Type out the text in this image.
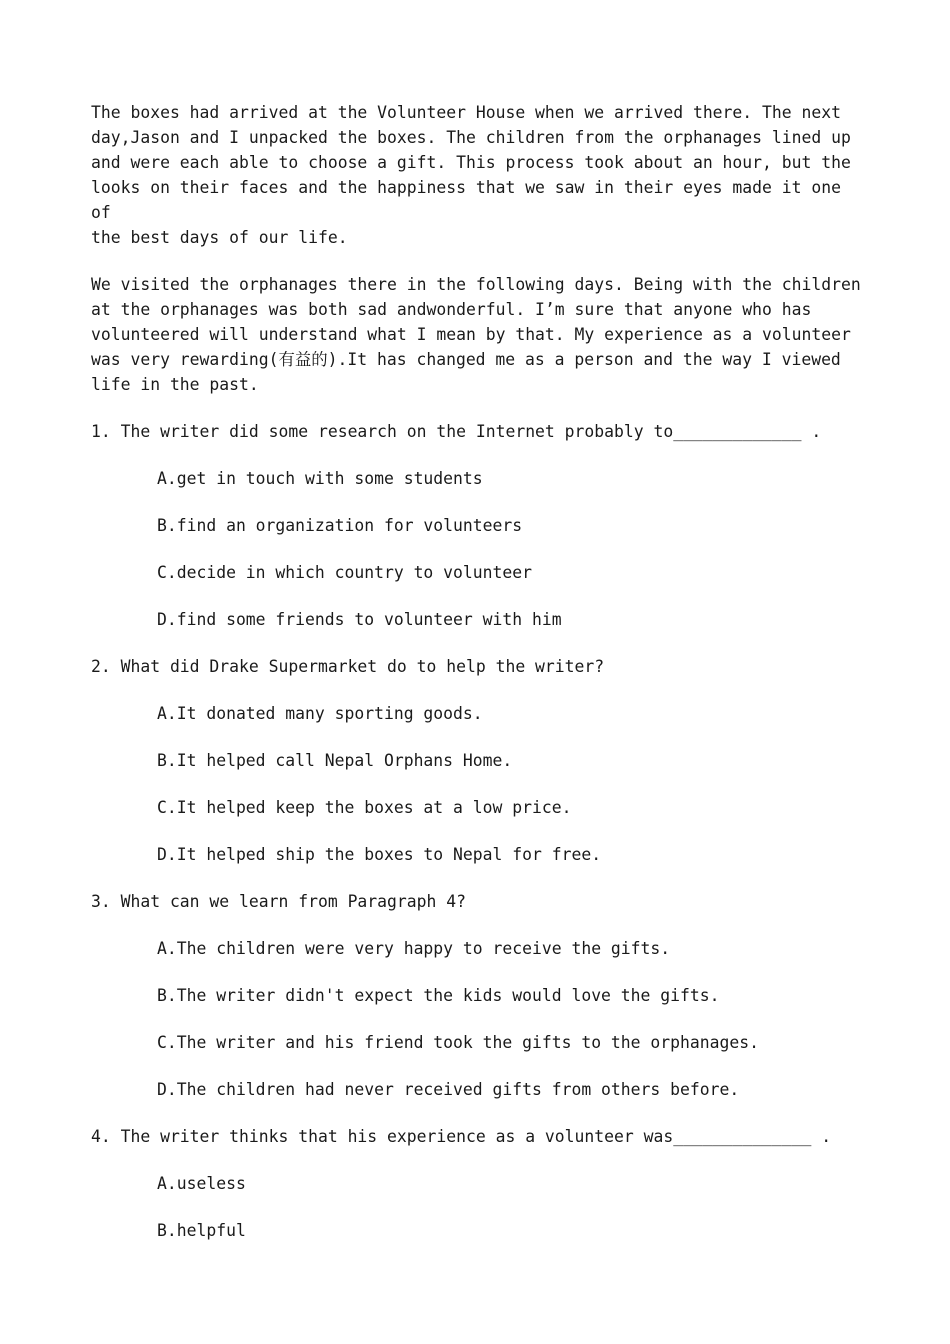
The boxes had arrived at the Volunteer House when we arrived there. The next
day,Jason and I unpacked the boxes. The children from the orphanages lined up
and were each able to choose a gift. This process took about an hour, but the
looks on their faces and the happiness that we saw in their eyes made it one of
the best days of our life.

We visited the orphanages there in the following days. Being with the children
at the orphanages was both sad andwonderful. I’m sure that anyone who has
volunteered will understand what I mean by that. My experience as a volunteer
was very rewarding(有益的).It has changed me as a person and the way I viewed
life in the past.

1. The writer did some research on the Internet probably to_____________ .

A.get in touch with some students

B.find an organization for volunteers

C.decide in which country to volunteer

D.find some friends to volunteer with him

2. What did Drake Supermarket do to help the writer?

A.It donated many sporting goods.

B.It helped call Nepal Orphans Home.

C.It helped keep the boxes at a low price.

D.It helped ship the boxes to Nepal for free.

3. What can we learn from Paragraph 4?

A.The children were very happy to receive the gifts.

B.The writer didn't expect the kids would love the gifts.

C.The writer and his friend took the gifts to the orphanages.

D.The children had never received gifts from others before.

4. The writer thinks that his experience as a volunteer was______________ .

A.useless

B.helpful
